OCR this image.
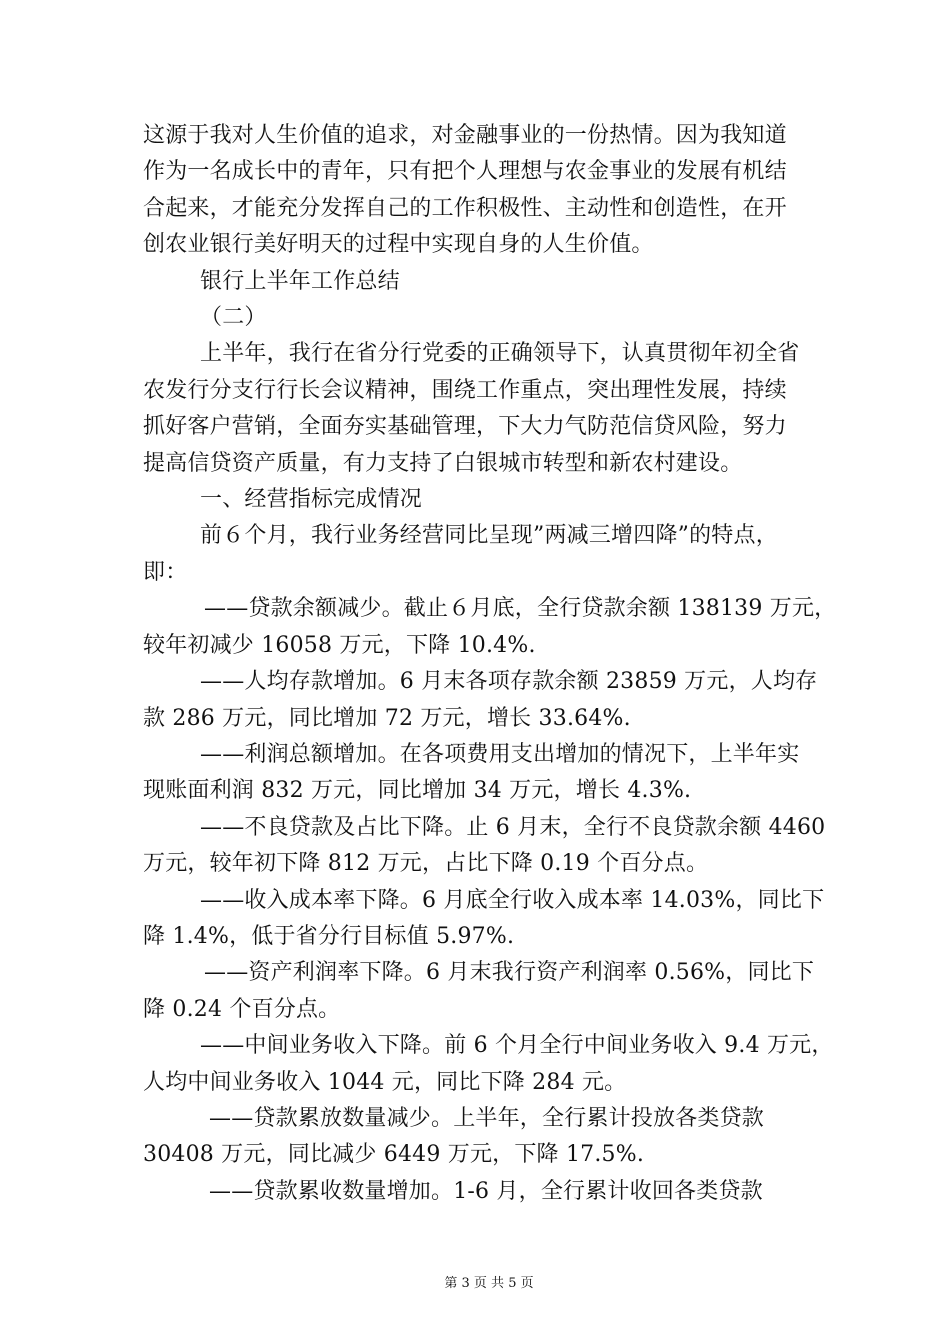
这源于我对人生价值的追求，对金融事业的一份热情。因为我知道
作为一名成长中的青年，只有把个人理想与农金事业的发展有机结
合起来，才能充分发挥自己的工作积极性、主动性和创造性，在开
创农业银行美好明天的过程中实现自身的人生价值。
银行上半年工作总结
（二）
上半年，我行在省分行党委的正确领导下，认真贯彻年初全省
农发行分支行行长会议精神，围绕工作重点，突出理性发展，持续
抓好客户营销，全面夯实基础管理，下大力气防范信贷风险，努力
提高信贷资产质量，有力支持了白银城市转型和新农村建设。
一、经营指标完成情况
前６个月，我行业务经营同比呈现”两减三增四降”的特点，
即：
——贷款余额减少。截止６月底，全行贷款余额 138139 万元，
较年初减少 16058 万元，下降 10.4%.
——人均存款增加。6 月末各项存款余额 23859 万元，人均存
款 286 万元，同比增加 72 万元，增长 33.64%.
——利润总额增加。在各项费用支出增加的情况下，上半年实
现账面利润 832 万元，同比增加 34 万元，增长 4.3%.
——不良贷款及占比下降。止 6 月末，全行不良贷款余额 4460
万元，较年初下降 812 万元，占比下降 0.19 个百分点。
——收入成本率下降。6 月底全行收入成本率 14.03%，同比下
降 1.4%，低于省分行目标值 5.97%.
——资产利润率下降。6 月末我行资产利润率 0.56%，同比下
降 0.24 个百分点。
——中间业务收入下降。前 6 个月全行中间业务收入 9.4 万元，
人均中间业务收入 1044 元，同比下降 284 元。
——贷款累放数量减少。上半年，全行累计投放各类贷款
30408 万元，同比减少 6449 万元，下降 17.5%.
——贷款累收数量增加。1-6 月，全行累计收回各类贷款
第 3 页 共 5 页
